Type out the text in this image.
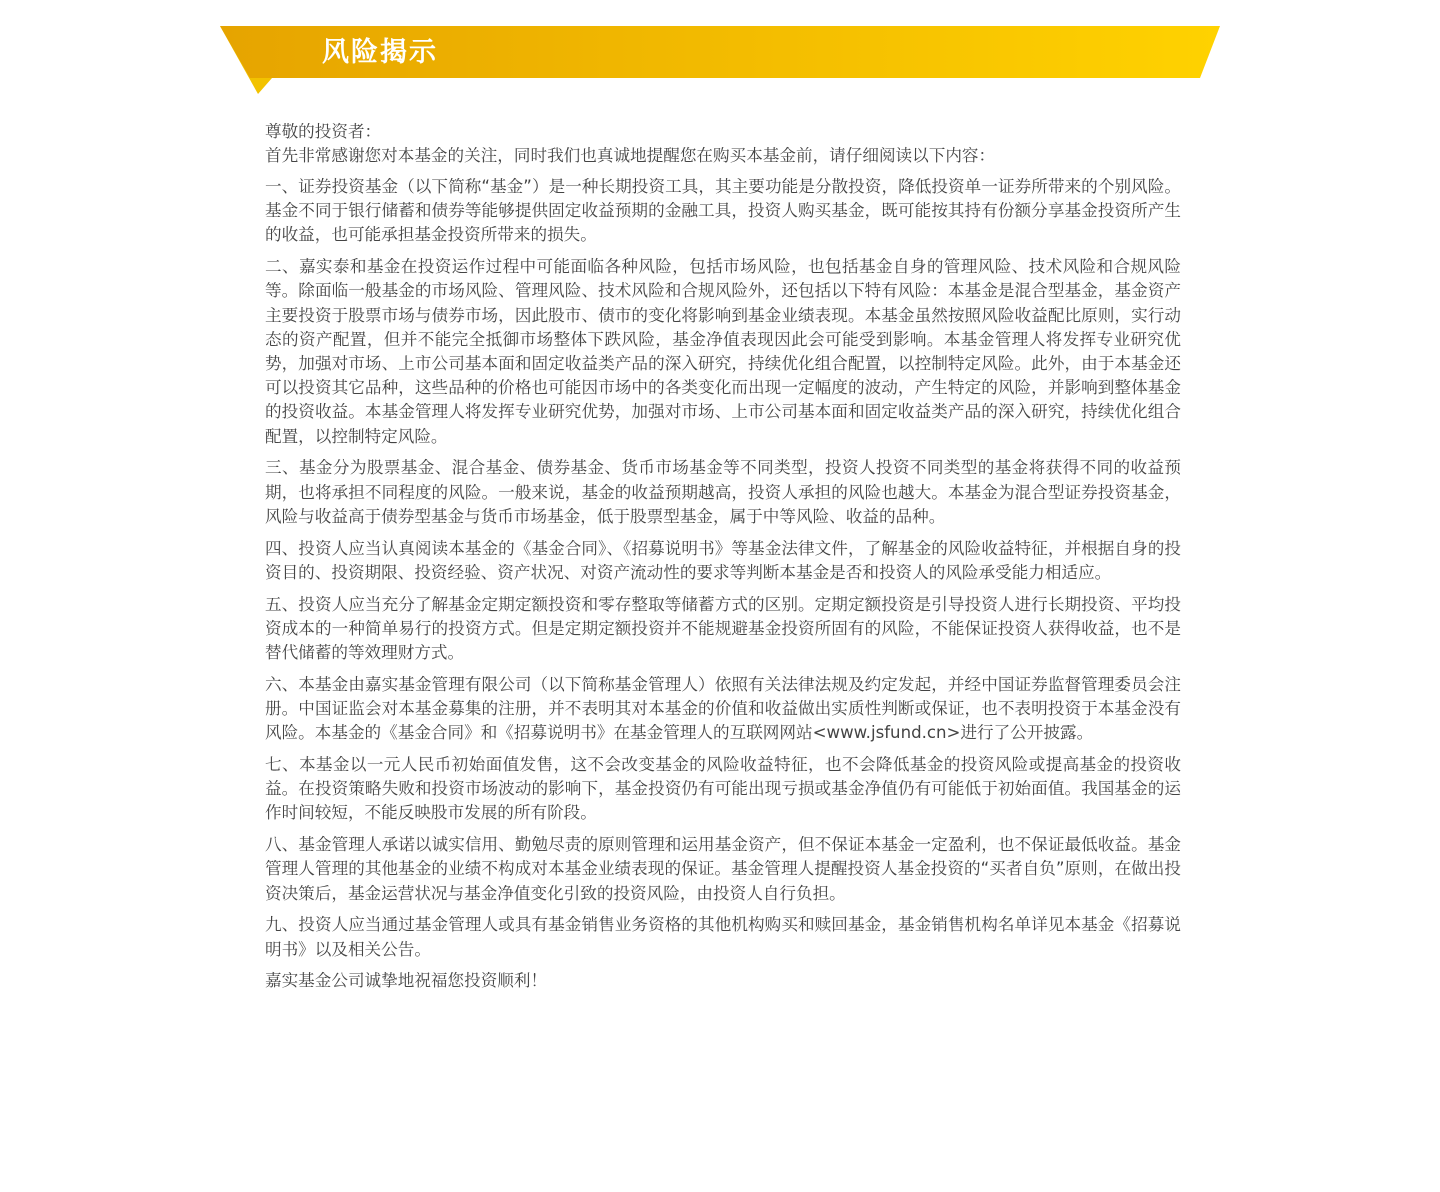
风险揭示

尊敬的投资者：

首先非常感谢您对本基金的关注，同时我们也真诚地提醒您在购买本基金前，请仔细阅读以下内容：

一、证券投资基金（以下简称“基金”）是一种长期投资工具，其主要功能是分散投资，降低投资单一证券所带来的个别风险。基金不同于银行储蓄和债券等能够提供固定收益预期的金融工具，投资人购买基金，既可能按其持有份额分享基金投资所产生的收益，也可能承担基金投资所带来的损失。

二、嘉实泰和基金在投资运作过程中可能面临各种风险，包括市场风险，也包括基金自身的管理风险、技术风险和合规风险等。除面临一般基金的市场风险、管理风险、技术风险和合规风险外，还包括以下特有风险：本基金是混合型基金，基金资产主要投资于股票市场与债券市场，因此股市、债市的变化将影响到基金业绩表现。本基金虽然按照风险收益配比原则，实行动态的资产配置，但并不能完全抵御市场整体下跌风险，基金净值表现因此会可能受到影响。本基金管理人将发挥专业研究优势，加强对市场、上市公司基本面和固定收益类产品的深入研究，持续优化组合配置，以控制特定风险。此外，由于本基金还可以投资其它品种，这些品种的价格也可能因市场中的各类变化而出现一定幅度的波动，产生特定的风险，并影响到整体基金的投资收益。本基金管理人将发挥专业研究优势，加强对市场、上市公司基本面和固定收益类产品的深入研究，持续优化组合配置，以控制特定风险。

三、基金分为股票基金、混合基金、债券基金、货币市场基金等不同类型，投资人投资不同类型的基金将获得不同的收益预期，也将承担不同程度的风险。一般来说，基金的收益预期越高，投资人承担的风险也越大。本基金为混合型证券投资基金，风险与收益高于债券型基金与货币市场基金，低于股票型基金，属于中等风险、收益的品种。

四、投资人应当认真阅读本基金的《基金合同》、《招募说明书》等基金法律文件，了解基金的风险收益特征，并根据自身的投资目的、投资期限、投资经验、资产状况、对资产流动性的要求等判断本基金是否和投资人的风险承受能力相适应。

五、投资人应当充分了解基金定期定额投资和零存整取等储蓄方式的区别。定期定额投资是引导投资人进行长期投资、平均投资成本的一种简单易行的投资方式。但是定期定额投资并不能规避基金投资所固有的风险，不能保证投资人获得收益，也不是替代储蓄的等效理财方式。

六、本基金由嘉实基金管理有限公司（以下简称基金管理人）依照有关法律法规及约定发起，并经中国证券监督管理委员会注册。中国证监会对本基金募集的注册，并不表明其对本基金的价值和收益做出实质性判断或保证，也不表明投资于本基金没有风险。本基金的《基金合同》和《招募说明书》在基金管理人的互联网网站<www.jsfund.cn>进行了公开披露。

七、本基金以一元人民币初始面值发售，这不会改变基金的风险收益特征，也不会降低基金的投资风险或提高基金的投资收益。在投资策略失败和投资市场波动的影响下，基金投资仍有可能出现亏损或基金净值仍有可能低于初始面值。我国基金的运作时间较短，不能反映股市发展的所有阶段。

八、基金管理人承诺以诚实信用、勤勉尽责的原则管理和运用基金资产，但不保证本基金一定盈利，也不保证最低收益。基金管理人管理的其他基金的业绩不构成对本基金业绩表现的保证。基金管理人提醒投资人基金投资的“买者自负”原则，在做出投资决策后，基金运营状况与基金净值变化引致的投资风险，由投资人自行负担。

九、投资人应当通过基金管理人或具有基金销售业务资格的其他机构购买和赎回基金，基金销售机构名单详见本基金《招募说明书》以及相关公告。

嘉实基金公司诚挚地祝福您投资顺利！
